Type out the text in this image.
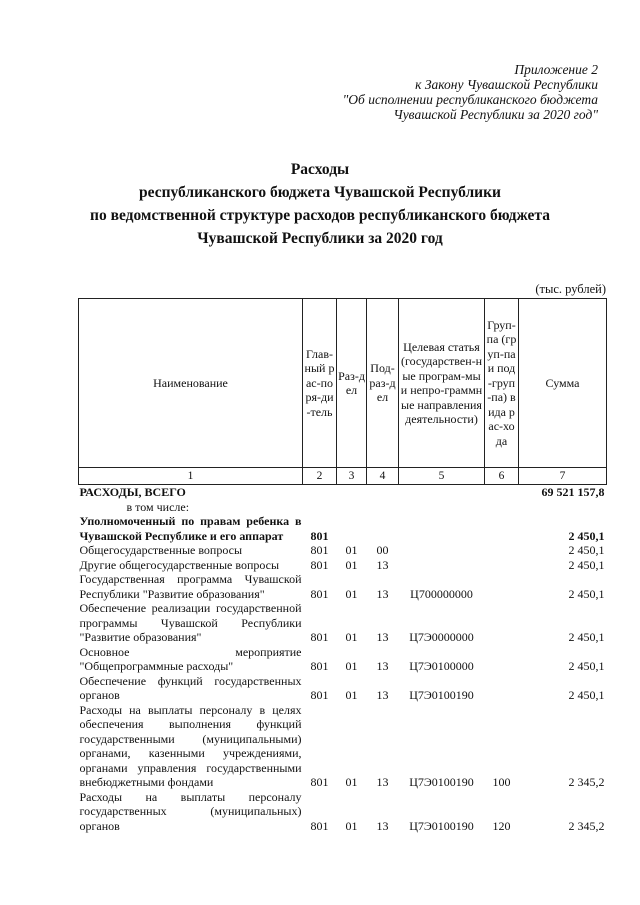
Приложение 2
к Закону Чувашской Республики
"Об исполнении республиканского бюджета
Чувашской Республики за 2020 год"
Расходы
республиканского бюджета Чувашской Республики
по ведомственной структуре расходов республиканского бюджета
Чувашской Республики за 2020 год
(тыс. рублей)
Наименование	Глав-ный рас-поря-ди-тель	Раз-дел	Под-раз-дел	Целевая статья (государствен-ные програм-мы и непро-граммные направления деятельности)	Груп-па (груп-па и под-груп-па) вида рас-хода	Сумма
1	2	3	4	5	6	7
РАСХОДЫ, ВСЕГО						69 521 157,8
в том числе:						
Уполномоченный по правам ребенка в Чувашской Республике и его аппарат	801					2 450,1
Общегосударственные вопросы	801	01	00			2 450,1
Другие общегосударственные вопросы	801	01	13			2 450,1
Государственная программа Чувашской Республики "Развитие образования"	801	01	13	Ц700000000		2 450,1
Обеспечение реализации государственной программы Чувашской Республики "Развитие образования"	801	01	13	Ц7Э0000000		2 450,1
Основное мероприятие "Общепрограммные расходы"	801	01	13	Ц7Э0100000		2 450,1
Обеспечение функций государственных органов	801	01	13	Ц7Э0100190		2 450,1
Расходы на выплаты персоналу в целях обеспечения выполнения функций государственными (муниципальными) органами, казенными учреждениями, органами управления государственными внебюджетными фондами	801	01	13	Ц7Э0100190	100	2 345,2
Расходы на выплаты персоналу государственных (муниципальных) органов	801	01	13	Ц7Э0100190	120	2 345,2
